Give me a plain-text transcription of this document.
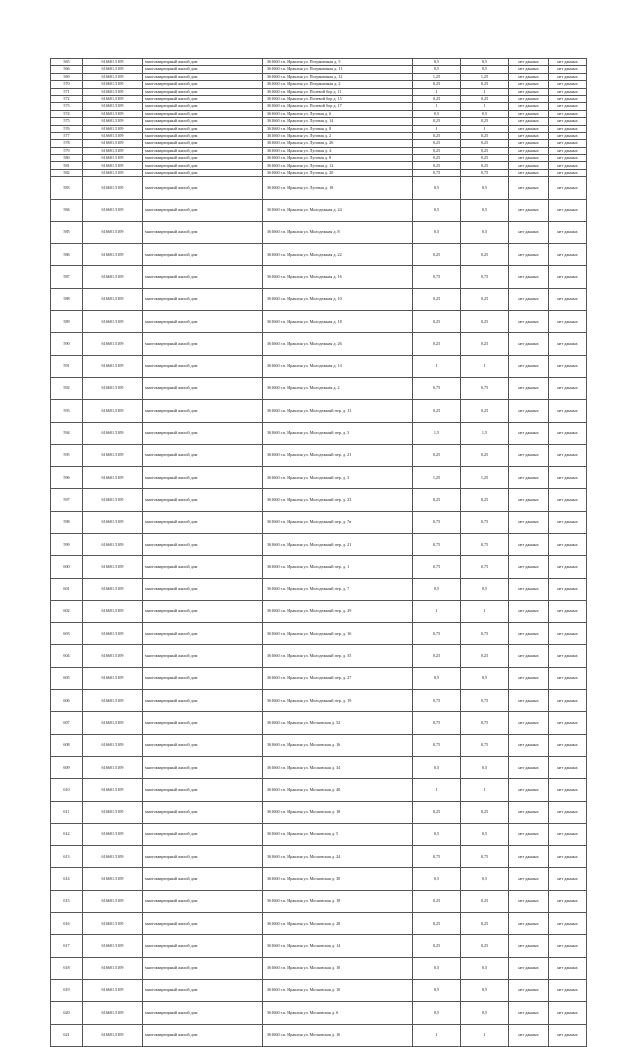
565	616601.5109	многоквартирный жилой дом	361660 г.п. Ираклия ул. Пограничная д. 5	0,5	0,5	нет данных	нет данных
566	616601.5109	многоквартирный жилой дом	361660 г.п. Ираклия ул. Пограничная д. 11	0,5	0,5	нет данных	нет данных
569	616601.5109	многоквартирный жилой дом	361660 г.п. Ираклия ул. Пограничная д. 12	1,25	1,25	нет данных	нет данных
570	616601.5109	многоквартирный жилой дом	361660 г.п. Ираклия ул. Пограничная д. 2	0,25	0,25	нет данных	нет данных
571	616601.5109	многоквартирный жилой дом	361660 г.п. Ираклия ул. Полевой бор д. 11	1	1	нет данных	нет данных
572	616601.5109	многоквартирный жилой дом	361660 г.п. Ираклия ул. Полевой бор д. 15	0,25	0,25	нет данных	нет данных
573	616601.5109	многоквартирный жилой дом	361660 г.п. Ираклия ул. Полевой бор д. 17	1	1	нет данных	нет данных
574	616601.5109	многоквартирный жилой дом	361660 г.п. Ираклия ул. Луговая д. 6	0,5	0,5	нет данных	нет данных
575	616601.5109	многоквартирный жилой дом	361660 г.п. Ираклия ул. Луговая д. 14	0,25	0,25	нет данных	нет данных
576	616601.5109	многоквартирный жилой дом	361660 г.п. Ираклия ул. Луговая д. 8	1	1	нет данных	нет данных
577	616601.5109	многоквартирный жилой дом	361660 г.п. Ираклия ул. Луговая д. 2	0,25	0,25	нет данных	нет данных
578	616601.5109	многоквартирный жилой дом	361660 г.п. Ираклия ул. Луговая д. 26	0,25	0,25	нет данных	нет данных
579	616601.5109	многоквартирный жилой дом	361660 г.п. Ираклия ул. Луговая д. 4	0,25	0,25	нет данных	нет данных
580	616601.5109	многоквартирный жилой дом	361660 г.п. Ираклия ул. Луговая д. 8	0,25	0,25	нет данных	нет данных
581	616601.5109	многоквартирный жилой дом	361660 г.п. Ираклия ул. Луговая д. 12	0,25	0,25	нет данных	нет данных
582	616601.5109	многоквартирный жилой дом	361660 г.п. Ираклия ул. Луговая д. 20	0,75	0,75	нет данных	нет данных
583	616601.5109	многоквартирный жилой дом	361660 г.п. Ираклия ул. Луговая д. 18	0,5	0,5	нет данных	нет данных
584	616601.5109	многоквартирный жилой дом	361660 г.п. Ираклия ул. Молодежная д. 24	0,5	0,5	нет данных	нет данных
585	616601.5109	многоквартирный жилой дом	361660 г.п. Ираклия ул. Молодежная д. 8	0,5	0,5	нет данных	нет данных
586	616601.5109	многоквартирный жилой дом	361660 г.п. Ираклия ул. Молодежная д. 22	0,25	0,25	нет данных	нет данных
587	616601.5109	многоквартирный жилой дом	361660 г.п. Ираклия ул. Молодежная д. 16	0,75	0,75	нет данных	нет данных
588	616601.5109	многоквартирный жилой дом	361660 г.п. Ираклия ул. Молодежная д. 10	0,25	0,25	нет данных	нет данных
589	616601.5109	многоквартирный жилой дом	361660 г.п. Ираклия ул. Молодежная д. 18	0,25	0,25	нет данных	нет данных
590	616601.5109	многоквартирный жилой дом	361660 г.п. Ираклия ул. Молодежная д. 26	0,25	0,25	нет данных	нет данных
591	616601.5109	многоквартирный жилой дом	361660 г.п. Ираклия ул. Молодежная д. 14	1	1	нет данных	нет данных
592	616601.5109	многоквартирный жилой дом	361660 г.п. Ираклия ул. Молодежная д. 2	0,75	0,75	нет данных	нет данных
593	616601.5109	многоквартирный жилой дом	361660 г.п. Ираклия ул. Молодежный пер. д. 13	0,25	0,25	нет данных	нет данных
594	616601.5109	многоквартирный жилой дом	361660 г.п. Ираклия ул. Молодежный пер. д. 3	1,5	1,5	нет данных	нет данных
595	616601.5109	многоквартирный жилой дом	361660 г.п. Ираклия ул. Молодежный пер. д. 21	0,25	0,25	нет данных	нет данных
596	616601.5109	многоквартирный жилой дом	361660 г.п. Ираклия ул. Молодежный пер. д. 3	1,25	1,25	нет данных	нет данных
597	616601.5109	многоквартирный жилой дом	361660 г.п. Ираклия ул. Молодежный пер. д. 23	0,25	0,25	нет данных	нет данных
598	616601.5109	многоквартирный жилой дом	361660 г.п. Ираклия ул. Молодежный пер. д. 7в	0,75	0,75	нет данных	нет данных
599	616601.5109	многоквартирный жилой дом	361660 г.п. Ираклия ул. Молодежный пер. д. 21	0,75	0,75	нет данных	нет данных
600	616601.5109	многоквартирный жилой дом	361660 г.п. Ираклия ул. Молодежный пер. д. 1	0,75	0,75	нет данных	нет данных
601	616601.5109	многоквартирный жилой дом	361660 г.п. Ираклия ул. Молодежный пер. д. 7	0,5	0,5	нет данных	нет данных
602	616601.5109	многоквартирный жилой дом	361660 г.п. Ираклия ул. Молодежный пер. д. 29	1	1	нет данных	нет данных
603	616601.5109	многоквартирный жилой дом	361660 г.п. Ираклия ул. Молодежный пер. д. 16	0,75	0,75	нет данных	нет данных
604	616601.5109	многоквартирный жилой дом	361660 г.п. Ираклия ул. Молодежный пер. д. 35	0,25	0,25	нет данных	нет данных
605	616601.5109	многоквартирный жилой дом	361660 г.п. Ираклия ул. Молодежный пер. д. 27	0,5	0,5	нет данных	нет данных
606	616601.5109	многоквартирный жилой дом	361660 г.п. Ираклия ул. Молодежный пер. д. 19	0,75	0,75	нет данных	нет данных
607	616601.5109	многоквартирный жилой дом	361660 г.п. Ираклия ул. Московская д. 52	0,75	0,75	нет данных	нет данных
608	616601.5109	многоквартирный жилой дом	361660 г.п. Ираклия ул. Московская д. 16	0,75	0,75	нет данных	нет данных
609	616601.5109	многоквартирный жилой дом	361660 г.п. Ираклия ул. Московская д. 34	0,5	0,5	нет данных	нет данных
610	616601.5109	многоквартирный жилой дом	361660 г.п. Ираклия ул. Московская д. 40	1	1	нет данных	нет данных
611	616601.5109	многоквартирный жилой дом	361660 г.п. Ираклия ул. Московская д. 18	0,25	0,25	нет данных	нет данных
612	616601.5109	многоквартирный жилой дом	361660 г.п. Ираклия ул. Московская д. 5	0,5	0,5	нет данных	нет данных
613	616601.5109	многоквартирный жилой дом	361660 г.п. Ираклия ул. Московская д. 24	0,75	0,75	нет данных	нет данных
614	616601.5109	многоквартирный жилой дом	361660 г.п. Ираклия ул. Московская д. 30	0,5	0,5	нет данных	нет данных
615	616601.5109	многоквартирный жилой дом	361660 г.п. Ираклия ул. Московская д. 18	0,25	0,25	нет данных	нет данных
616	616601.5109	многоквартирный жилой дом	361660 г.п. Ираклия ул. Московская д. 28	0,25	0,25	нет данных	нет данных
617	616601.5109	многоквартирный жилой дом	361660 г.п. Ираклия ул. Московская д. 14	0,25	0,25	нет данных	нет данных
618	616601.5109	многоквартирный жилой дом	361660 г.п. Ираклия ул. Московская д. 10	0,5	0,5	нет данных	нет данных
619	616601.5109	многоквартирный жилой дом	361660 г.п. Ираклия ул. Московская д. 10	0,5	0,5	нет данных	нет данных
620	616601.5109	многоквартирный жилой дом	361660 г.п. Ираклия ул. Московская д. 6	0,5	0,5	нет данных	нет данных
621	616601.5109	многоквартирный жилой дом	361660 г.п. Ираклия ул. Московская д. 16	1	1	нет данных	нет данных
